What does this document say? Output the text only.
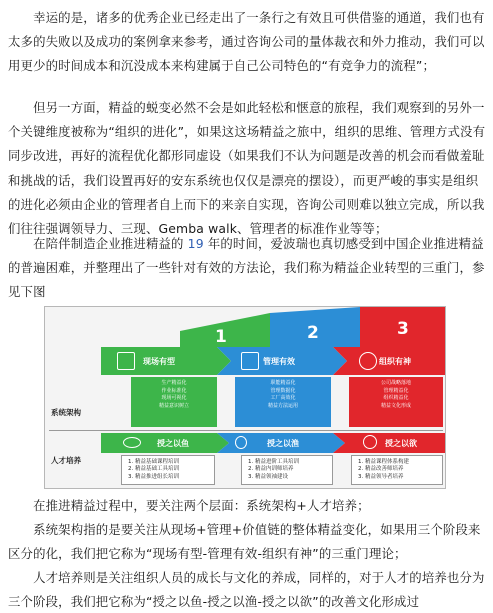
　　幸运的是，诸多的优秀企业已经走出了一条行之有效且可供借鉴的通道，我们也有太多的失败以及成功的案例拿来参考，通过咨询公司的量体裁衣和外力推动，我们可以用更少的时间成本和沉没成本来构建属于自己公司特色的“有竞争力的流程”；
　　但另一方面，精益的蜕变必然不会是如此轻松和惬意的旅程，我们观察到的另外一个关键维度被称为“组织的进化”，如果这这场精益之旅中，组织的思维、管理方式没有同步改进，再好的流程优化都形同虚设（如果我们不认为问题是改善的机会而看做羞耻和挑战的话，我们设置再好的安东系统也仅仅是漂亮的摆设），而更严峻的事实是组织的进化必须由企业的管理者自上而下的来亲自实现，咨询公司则难以独立完成，所以我们往往强调领导力、三现、Gemba walk、管理者的标准作业等等；
　　在陪伴制造企业推进精益的 19 年的时间，爱波瑞也真切感受到中国企业推进精益的普遍困难，并整理出了一些针对有效的方法论，我们称为精益企业转型的三重门，参见下图
1	2	3
现场有型	管理有效	组织有神
系统架构
生产精益化
作业标准化
现场可视化
精益意识树立
职能精益化
管理数据化
工厂高效化
精益方法运用
公司战略落地
管理精益化
组织精益化
精益文化形成
授之以鱼	授之以渔	授之以欲
人才培养	1. 精益基础课程培训
2. 精益基础工具培训
3. 精益推进组长培训
1. 精益进阶工具培训
2. 精益内训师培养
3. 精益领袖建设
1. 精益课程体系构建
2. 精益改善师培养
3. 精益领导者培养
　　在推进精益过程中，要关注两个层面：系统架构+人才培养；
　　系统架构指的是要关注从现场+管理+价值链的整体精益变化，如果用三个阶段来区分的化，我们把它称为“现场有型-管理有效-组织有神”的三重门理论；
　　人才培养则是关注组织人员的成长与文化的养成，同样的，对于人才的培养也分为三个阶段，我们把它称为“授之以鱼-授之以渔-授之以欲”的改善文化形成过
